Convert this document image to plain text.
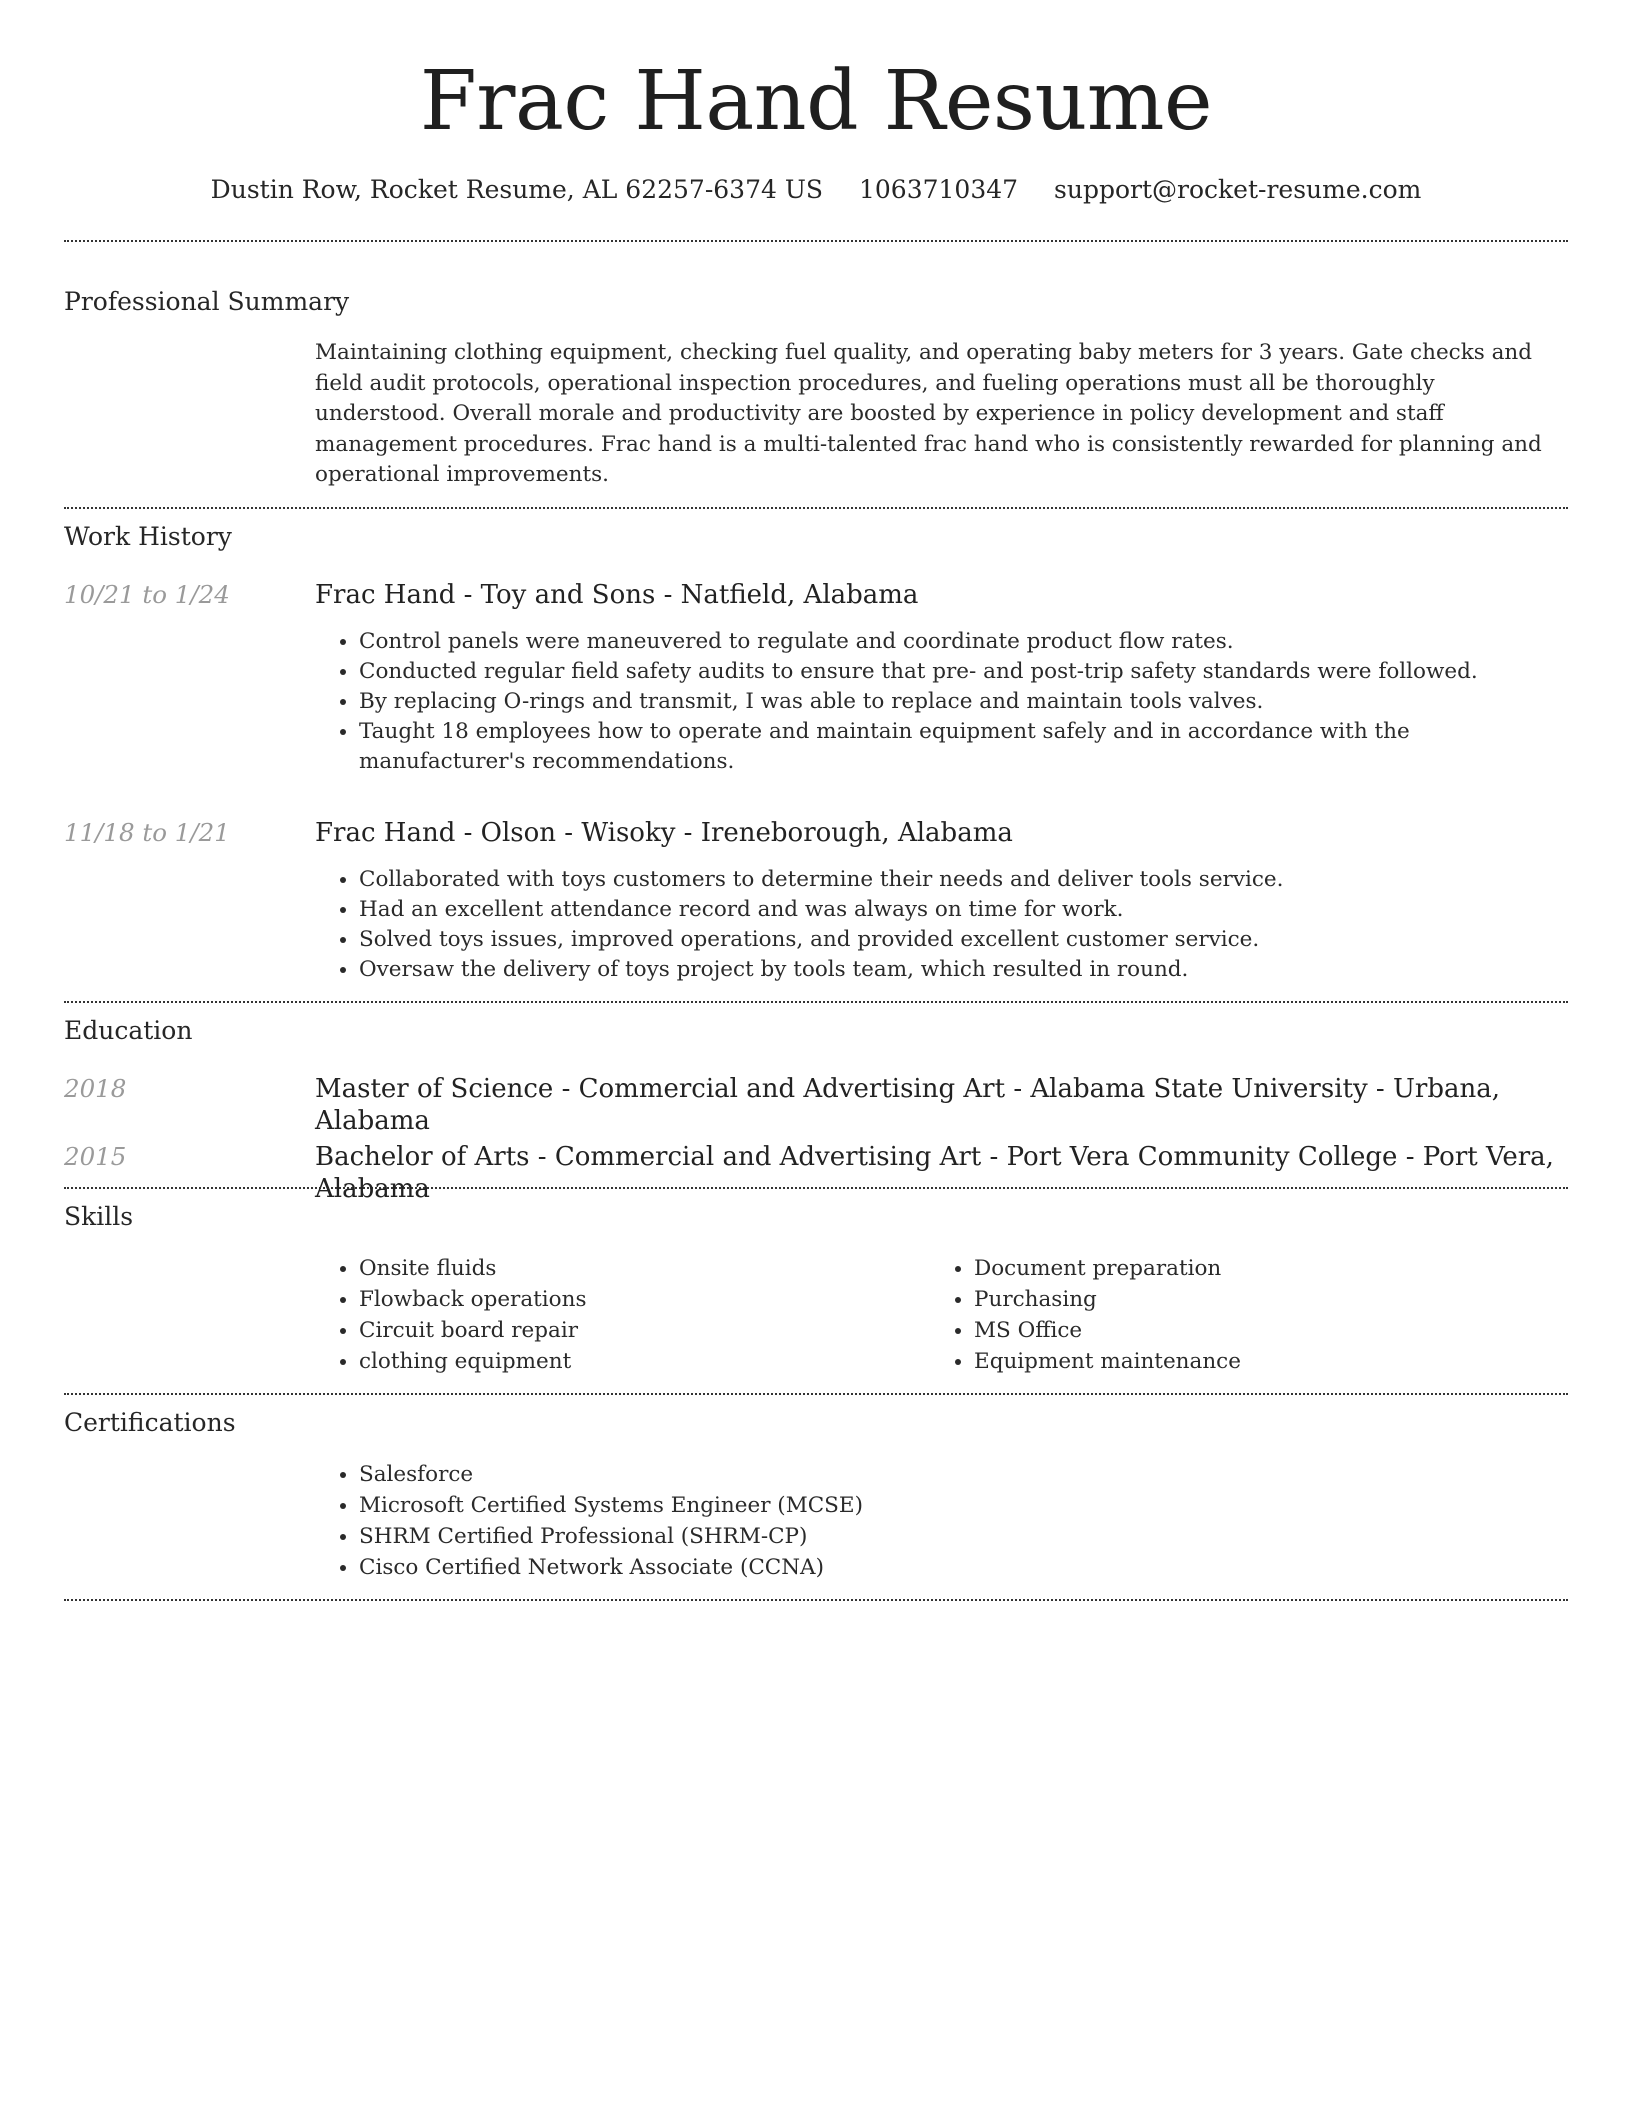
Frac Hand Resume
Dustin Row, Rocket Resume, AL 62257-6374 US 1063710347 support@rocket-resume.com
Professional Summary

Maintaining clothing equipment, checking fuel quality, and operating baby meters for 3 years. Gate checks and field audit protocols, operational inspection procedures, and fueling operations must all be thoroughly understood. Overall morale and productivity are boosted by experience in policy development and staff management procedures. Frac hand is a multi-talented frac hand who is consistently rewarded for planning and operational improvements.

Work History
10/21 to 1/24	Frac Hand - Toy and Sons - Natfield, Alabama
• Control panels were maneuvered to regulate and coordinate product flow rates.
• Conducted regular field safety audits to ensure that pre- and post-trip safety standards were followed.
• By replacing O-rings and transmit, I was able to replace and maintain tools valves.
• Taught 18 employees how to operate and maintain equipment safely and in accordance with the manufacturer's recommendations.
11/18 to 1/21	Frac Hand - Olson - Wisoky - Ireneborough, Alabama
• Collaborated with toys customers to determine their needs and deliver tools service.
• Had an excellent attendance record and was always on time for work.
• Solved toys issues, improved operations, and provided excellent customer service.
• Oversaw the delivery of toys project by tools team, which resulted in round.
Education
2018	Master of Science - Commercial and Advertising Art - Alabama State University - Urbana, Alabama
2015	Bachelor of Arts - Commercial and Advertising Art - Port Vera Community College - Port Vera, Alabama
Skills
• Onsite fluids
• Flowback operations
• Circuit board repair
• clothing equipment
• Document preparation
• Purchasing
• MS Office
• Equipment maintenance
Certifications
• Salesforce
• Microsoft Certified Systems Engineer (MCSE)
• SHRM Certified Professional (SHRM-CP)
• Cisco Certified Network Associate (CCNA)
